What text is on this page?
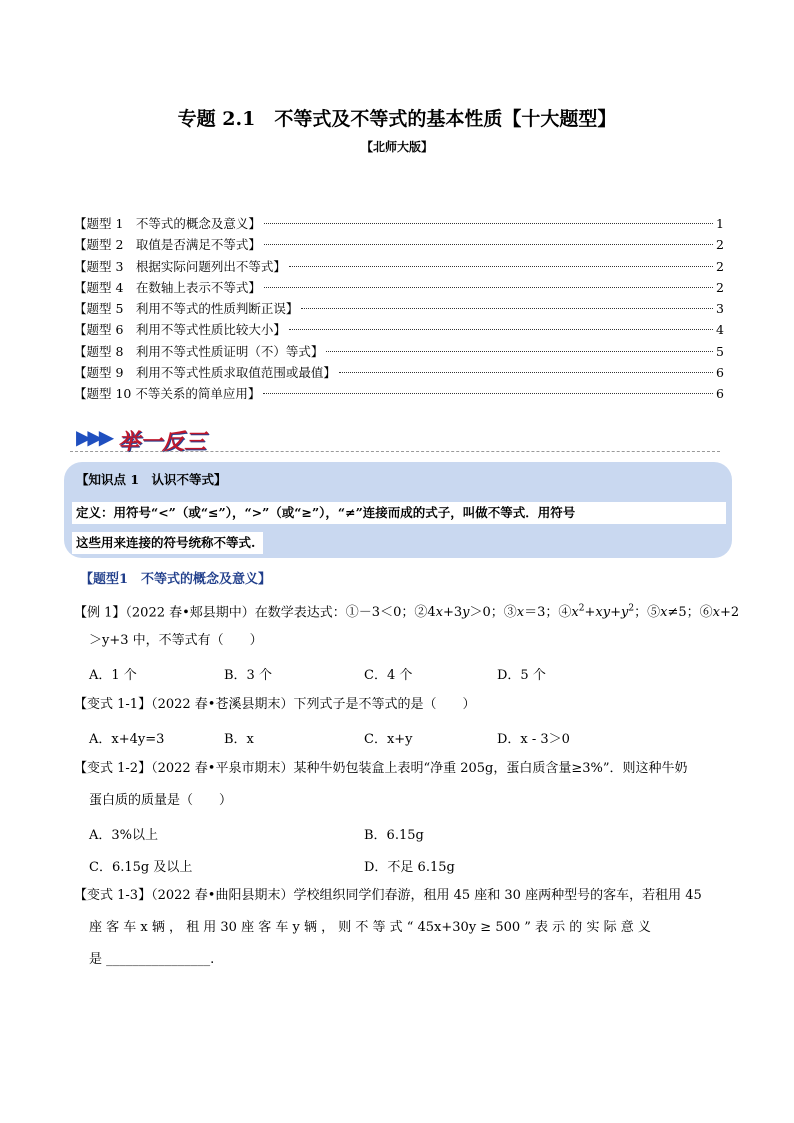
专题 2.1　不等式及不等式的基本性质【十大题型】
【北师大版】
【题型 1　不等式的概念及意义】	1
【题型 2　取值是否满足不等式】	2
【题型 3　根据实际问题列出不等式】	2
【题型 4　在数轴上表示不等式】	2
【题型 5　利用不等式的性质判断正误】	3
【题型 6　利用不等式性质比较大小】	4
【题型 8　利用不等式性质证明（不）等式】	5
【题型 9　利用不等式性质求取值范围或最值】	6
【题型 10 不等关系的简单应用】	6
▶▶▶ 举一反三
【知识点 1　认识不等式】
定义：用符号“<”（或“≤”），“>”（或“≥”），“≠”连接而成的式子，叫做不等式．用符号
这些用来连接的符号统称不等式.
【题型1　不等式的概念及意义】
【例 1】（2022 春•郏县期中）在数学表达式：①－3＜0；②4x+3y＞0；③x＝3；$④x^2+xy+y^2$；⑤x≠5；⑥x+2
＞y+3 中，不等式有（　　）
A．1 个	B．3 个	C．4 个	D．5 个
【变式 1-1】（2022 春•苍溪县期末）下列式子是不等式的是（　　）
A．x+4y=3	B．x	C．x+y	D．x - 3＞0
【变式 1-2】（2022 春•平泉市期末）某种牛奶包装盒上表明“净重 205g，蛋白质含量≥3%”．则这种牛奶
蛋白质的质量是（　　）
A．3%以上	B．6.15g
C．6.15g 及以上	D．不足 6.15g
【变式 1-3】（2022 春•曲阳县期末）学校组织同学们春游，租用 45 座和 30 座两种型号的客车，若租用 45
座 客 车 x 辆 ， 租 用 30 座 客 车 y 辆 ， 则 不 等 式 “ 45x+30y ≥ 500 ” 表 示 的 实 际 意 义
是 ________________.
